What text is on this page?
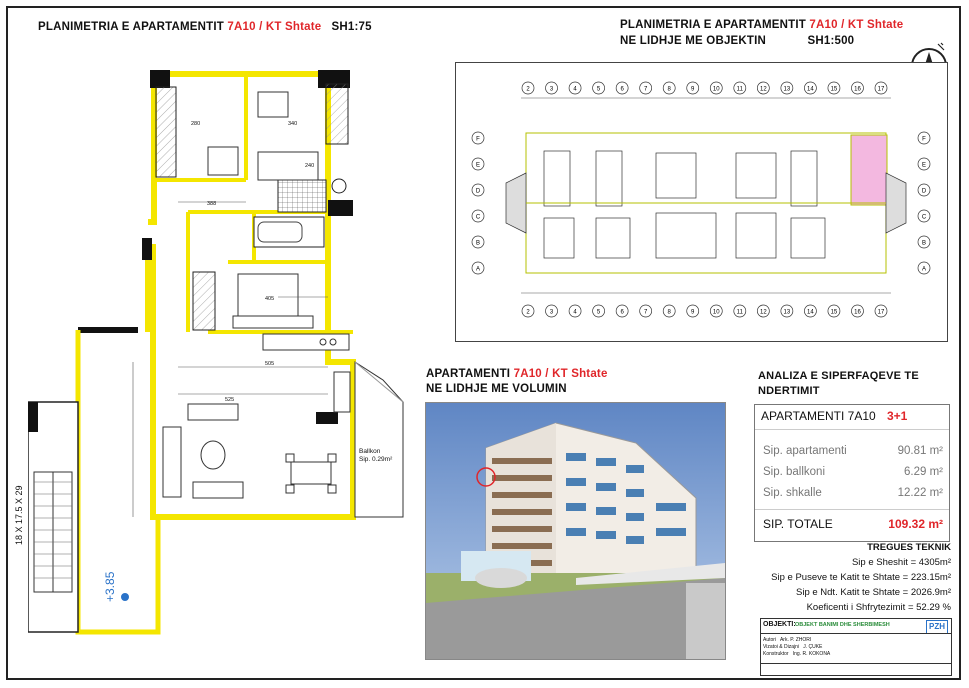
PLANIMETRIA E APARTAMENTIT 7A10 / KT Shtate SH1:75	PLANIMETRIA E APARTAMENTIT 7A10 / KT Shtate
NE LIDHJE ME OBJEKTIN	SH1:500
A-9
Ballkon
Sip. 0.29m²
18 X 17.5 X 29
+3.85
280	340
240
388
405
505
525
2	3	4	5	6	7	8	9	10	11	12	13	14	15	16	17
2	3	4	5	6	7	8	9	10	11	12	13	14	15	16	17
F
E
D
C
B
A
F
E
D
C
B
A
APARTAMENTI 7A10 / KT Shtate
NE LIDHJE ME VOLUMIN
ANALIZA E SIPERFAQEVE TE
NDERTIMIT
APARTAMENTI 7A10 3+1
Sip. apartamenti	90.81 m²
Sip. ballkoni	6.29 m²
Sip. shkalle	12.22 m²
SIP. TOTALE	109.32 m²
TREGUES TEKNIK
Sip e Sheshit = 4305m²
Sip e Puseve te Katit te Shtate = 223.15m²
Sip e Ndt. Katit te Shtate = 2026.9m²
Koeficenti i Shfrytezimit = 52.29 %
OBJEKTI: OBJEKT BANIMI DHE SHERBIMESH	PZH
Autori Ark. P. ZHORI
Vizatoi & Dizajni J. ÇUKE
Konstruktor Ing. R. KOKONA
